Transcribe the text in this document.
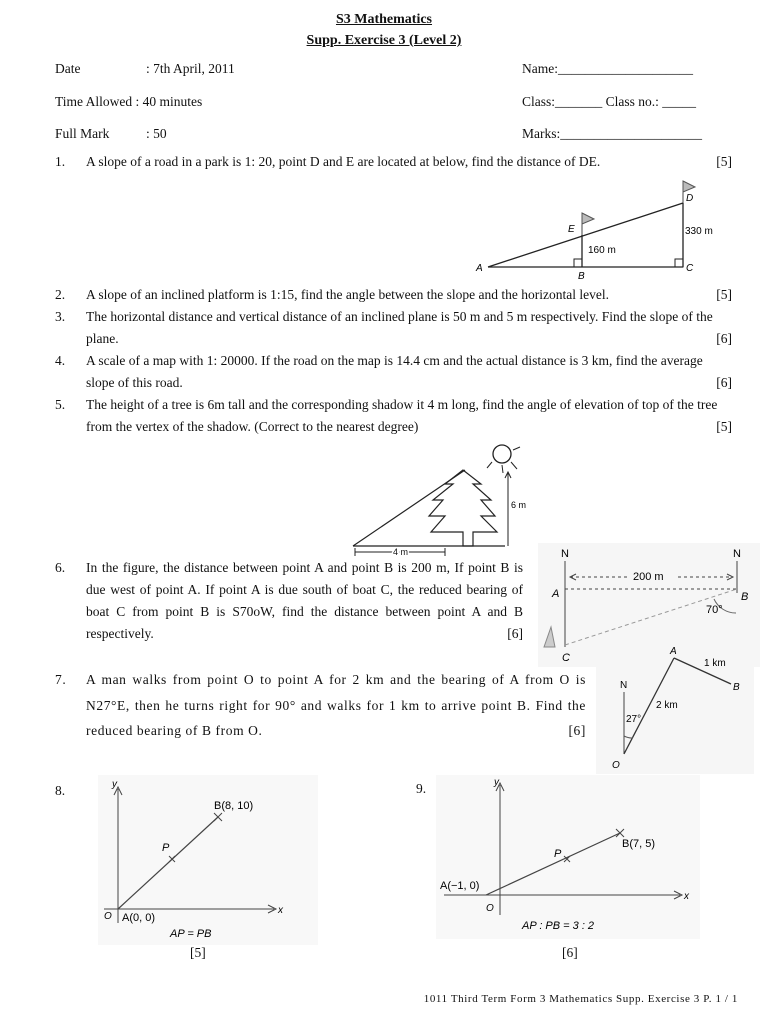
S3 Mathematics
Supp. Exercise 3 (Level 2)
Date	: 7th April, 2011	Name:____________________
Time Allowed : 40 minutes	Class:_______ Class no.: _____
Full Mark	: 50	Marks:_____________________
1. A slope of a road in a park is 1: 20, point D and E are located at below, find the distance of DE.	[5]
A
B
C
D
E
160 m
330 m
2. A slope of an inclined platform is 1:15, find the angle between the slope and the horizontal level.	[5]
3. The horizontal distance and vertical distance of an inclined plane is 50 m and 5 m respectively. Find the slope of the plane.	[6]
4. A scale of a map with 1: 20000. If the road on the map is 14.4 cm and the actual distance is 3 km, find the average slope of this road.	[6]
5. The height of a tree is 6m tall and the corresponding shadow it 4 m long, find the angle of elevation of top of the tree from the vertex of the shadow. (Correct to the nearest degree)	[5]
6 m
4 m
6. In the figure, the distance between point A and point B is 200 m, If point B is due west of point A. If point A is due south of boat C, the reduced bearing of boat C from point B is S70oW, find the distance between point A and B respectively.	[6]
N	N
200 m
A	B
C
70°
7. A man walks from point O to point A for 2 km and the bearing of A from O is N27°E, then he turns right for 90° and walks for 1 km to arrive point B. Find the reduced bearing of B from O.	[6]
N
27°
2 km
1 km
A
B
O
8.	y
x
O A(0, 0)
B(8, 10)
P
AP = PB
[5]
9.	y
x
O
A(−1, 0)
B(7, 5)
P
AP : PB = 3 : 2
[6]
1011 Third Term Form 3 Mathematics Supp. Exercise 3 P. 1 / 1
